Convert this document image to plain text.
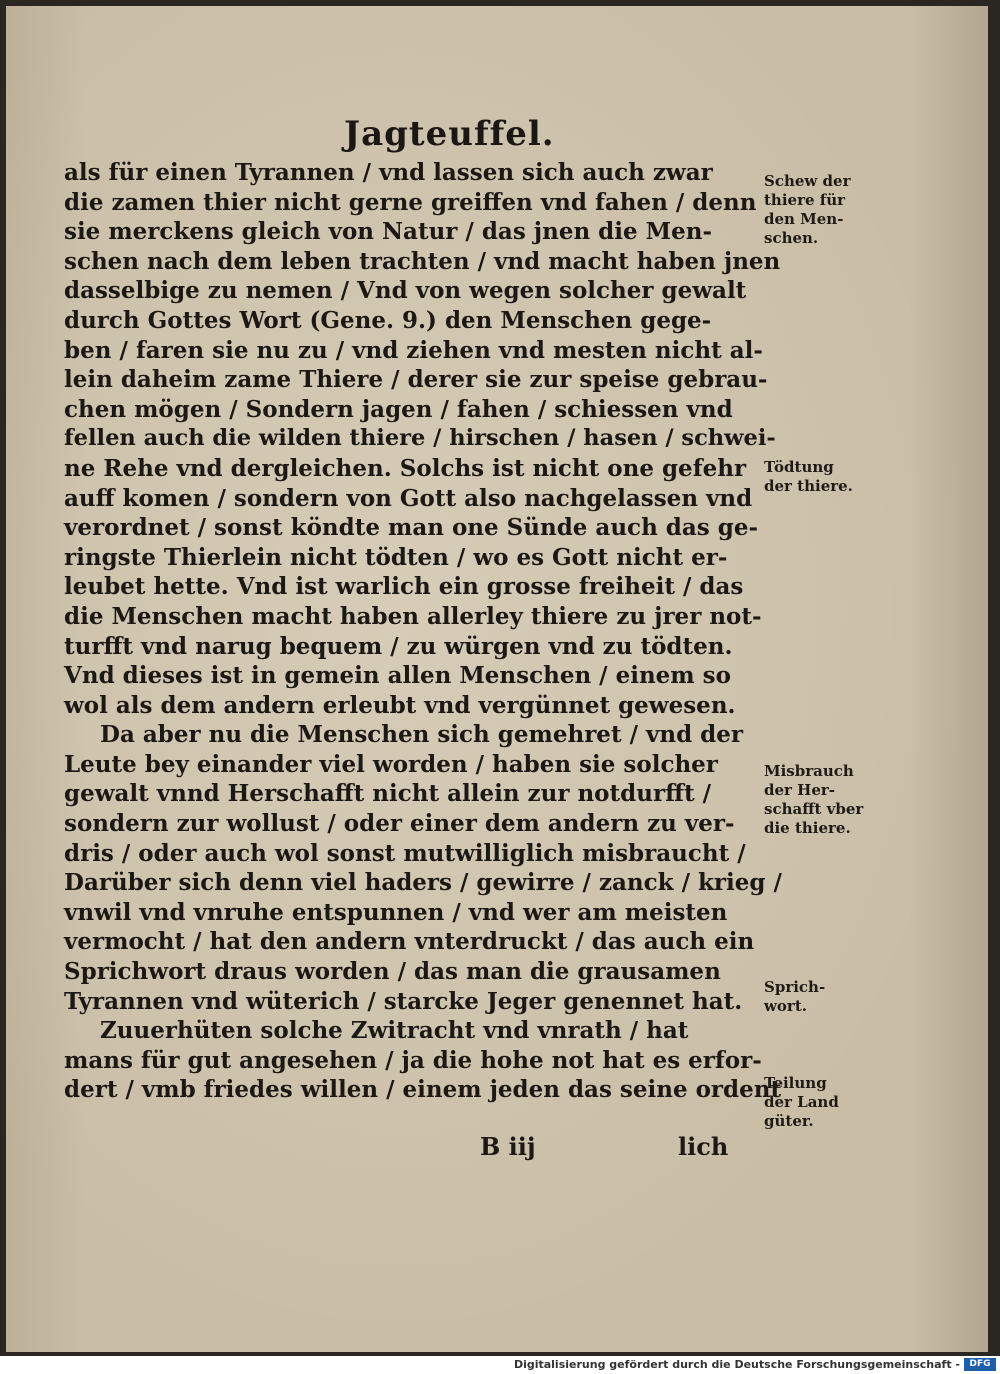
Jagteuffel.
als für einen Tyrannen / vnd lassen sich auch zwar
die zamen thier nicht gerne greiffen vnd fahen / denn
sie merckens gleich von Natur / das jnen die Men-
schen nach dem leben trachten / vnd macht haben jnen
dasselbige zu nemen / Vnd von wegen solcher gewalt
durch Gottes Wort (Gene. 9.) den Menschen gege-
ben / faren sie nu zu / vnd ziehen vnd mesten nicht al-
lein daheim zame Thiere / derer sie zur speise gebrau-
chen mögen / Sondern jagen / fahen / schiessen vnd
fellen auch die wilden thiere / hirschen / hasen / schwei-
ne Rehe vnd dergleichen. Solchs ist nicht one gefehr
auff komen / sondern von Gott also nachgelassen vnd
verordnet / sonst köndte man one Sünde auch das ge-
ringste Thierlein nicht tödten / wo es Gott nicht er-
leubet hette. Vnd ist warlich ein grosse freiheit / das
die Menschen macht haben allerley thiere zu jrer not-
turfft vnd narug bequem / zu würgen vnd zu tödten.
Vnd dieses ist in gemein allen Menschen / einem so
wol als dem andern erleubt vnd vergünnet gewesen.
Da aber nu die Menschen sich gemehret / vnd der
Leute bey einander viel worden / haben sie solcher
gewalt vnnd Herschafft nicht allein zur notdurfft /
sondern zur wollust / oder einer dem andern zu ver-
dris / oder auch wol sonst mutwilliglich misbraucht /
Darüber sich denn viel haders / gewirre / zanck / krieg /
vnwil vnd vnruhe entspunnen / vnd wer am meisten
vermocht / hat den andern vnterdruckt / das auch ein
Sprichwort draus worden / das man die grausamen
Tyrannen vnd wüterich / starcke Jeger genennet hat.
Zuuerhüten solche Zwitracht vnd vnrath / hat
mans für gut angesehen / ja die hohe not hat es erfor-
dert / vmb friedes willen / einem jeden das seine ordent
Schew der
thiere für
den Men-
schen.
Tödtung
der thiere.
Misbrauch
der Her-
schafft vber
die thiere.
Sprich-
wort.
Teilung
der Land
güter.
B iij	lich
Digitalisierung gefördert durch die Deutsche Forschungsgemeinschaft -	DFG
